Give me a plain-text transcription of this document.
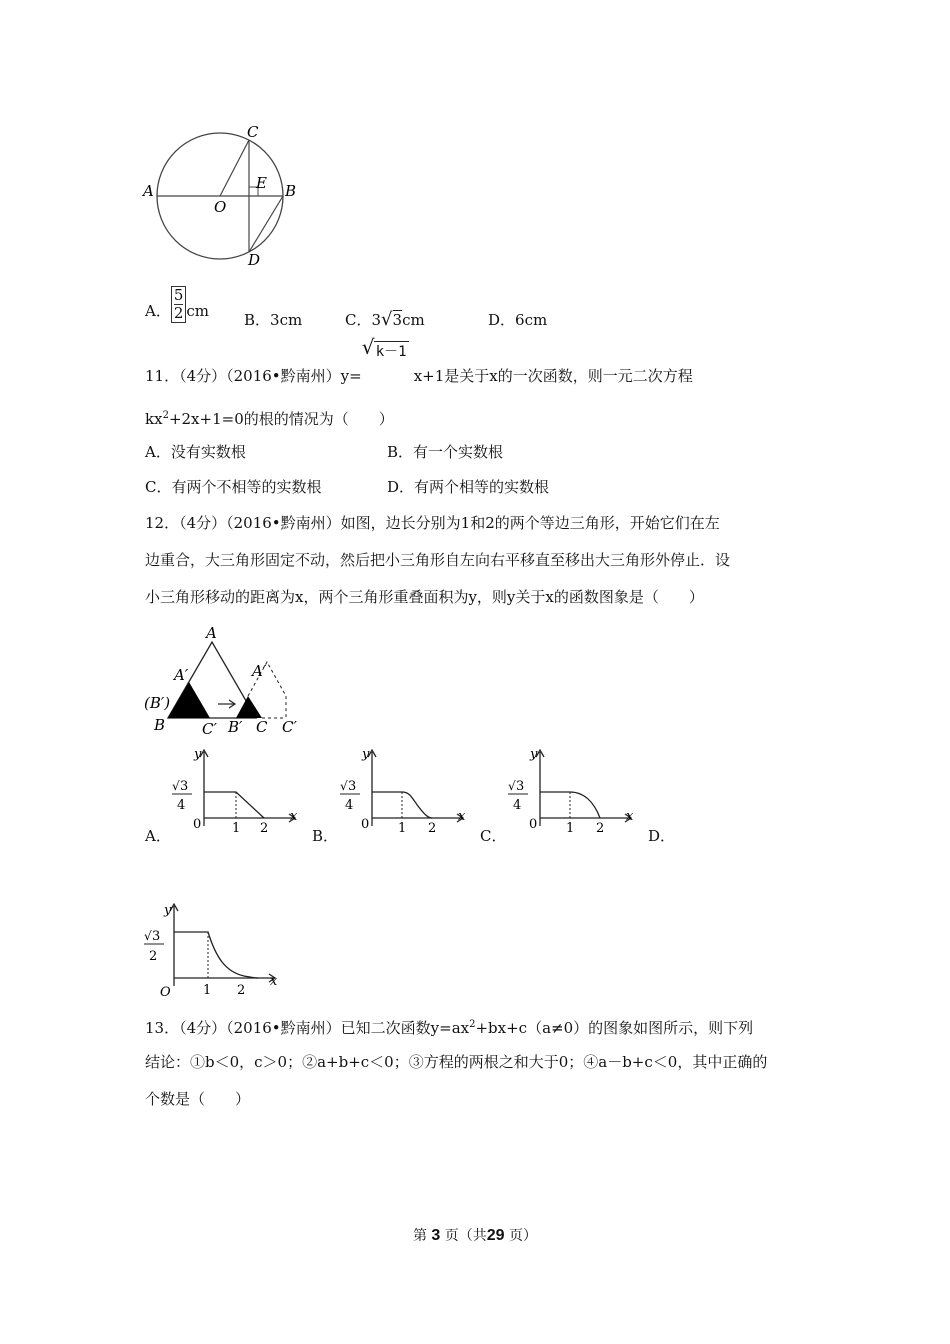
A
O
E B
C
D
A． $\frac{5}{2}$ cm B．3cm	C．3√3cm	D．6cm
11．（4分）（2016•黔南州）y=
√ k－1
x+1是关于x的一次函数，则一元二次方程
$kx^2+2x+1=0$的根的情况为（　　）
A．没有实数根	B．有一个实数根
C．有两个不相等的实数根	D．有两个相等的实数根
12．（4分）（2016•黔南州）如图，边长分别为1和2的两个等边三角形，开始它们在左
边重合，大三角形固定不动，然后把小三角形自左向右平移直至移出大三角形外停止．设
小三角形移动的距离为x，两个三角形重叠面积为y，则y关于x的函数图象是（　　）
A
A′	A′
(B′)
B C′ B′ C C′
A．	B．	C．	D．
√ 3
4
0 1 2
x
y
√ 3
4
0 1 2
x
y
√ 3
4
0 1 2
x
y
√ 3
2
O 1 2
x
y
13．（4分）（2016•黔南州）已知二次函数$y=ax^2+bx+c(a\ne 0)$的图象如图所示，则下列
结论：①b＜0，c＞0；②a+b+c＜0；③方程的两根之和大于0；④a－b+c＜0，其中正确的
个数是（　　）
第 3 页（共29 页）
